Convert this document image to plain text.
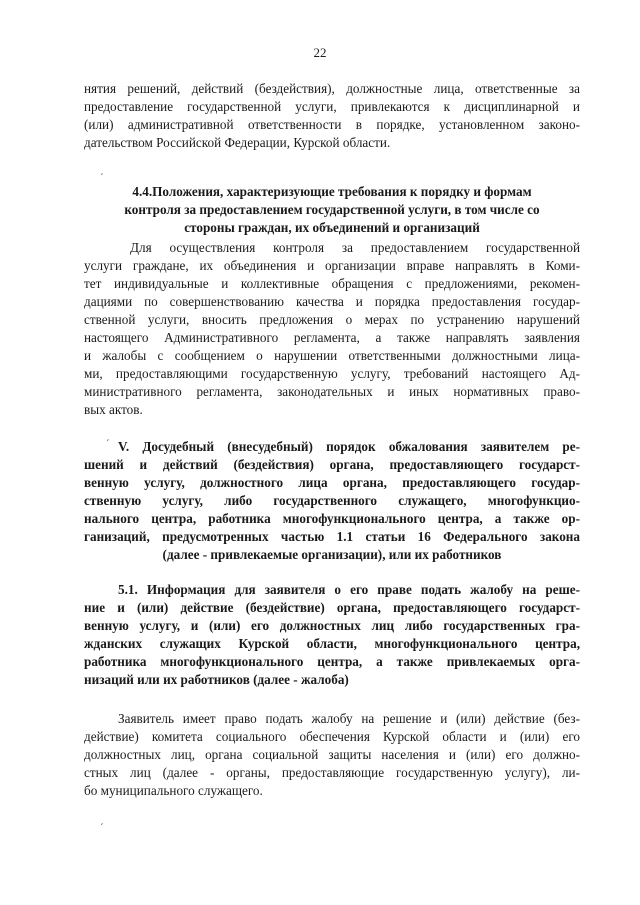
22
нятия решений, действий (бездействия), должностные лица, ответственные за
предоставление государственной услуги, привлекаются к дисциплинарной и
(или) административной ответственности в порядке, установленном законо-
дательством Российской Федерации, Курской области.
ˊ
4.4.Положения, характеризующие требования к порядку и формам
контроля за предоставлением государственной услуги, в том числе со
стороны граждан, их объединений и организаций
Для осуществления контроля за предоставлением государственной
услуги граждане, их объединения и организации вправе направлять в Коми-
тет индивидуальные и коллективные обращения с предложениями, рекомен-
дациями по совершенствованию качества и порядка предоставления государ-
ственной услуги, вносить предложения о мерах по устранению нарушений
настоящего Административного регламента, а также направлять заявления
и жалобы с сообщением о нарушении ответственными должностными лица-
ми, предоставляющими государственную услугу, требований настоящего Ад-
министративного регламента, законодательных и иных нормативных право-
вых актов.
V. Досудебный (внесудебный) порядок обжалования заявителем ре-
шений и действий (бездействия) органа, предоставляющего государст-
венную услугу, должностного лица органа, предоставляющего государ-
ственную услугу, либо государственного служащего, многофункцио-
нального центра, работника многофункционального центра, а также ор-
ганизаций, предусмотренных частью 1.1 статьи 16 Федерального закона
(далее - привлекаемые организации), или их работников
ˊ
5.1. Информация для заявителя о его праве подать жалобу на реше-
ние и (или) действие (бездействие) органа, предоставляющего государст-
венную услугу, и (или) его должностных лиц либо государственных гра-
жданских служащих Курской области, многофункционального центра,
работника многофункционального центра, а также привлекаемых орга-
низаций или их работников (далее - жалоба)
Заявитель имеет право подать жалобу на решение и (или) действие (без-
действие) комитета социального обеспечения Курской области и (или) его
должностных лиц, органа социальной защиты населения и (или) его должно-
стных лиц (далее - органы, предоставляющие государственную услугу), ли-
бо муниципального служащего.
ˊ
